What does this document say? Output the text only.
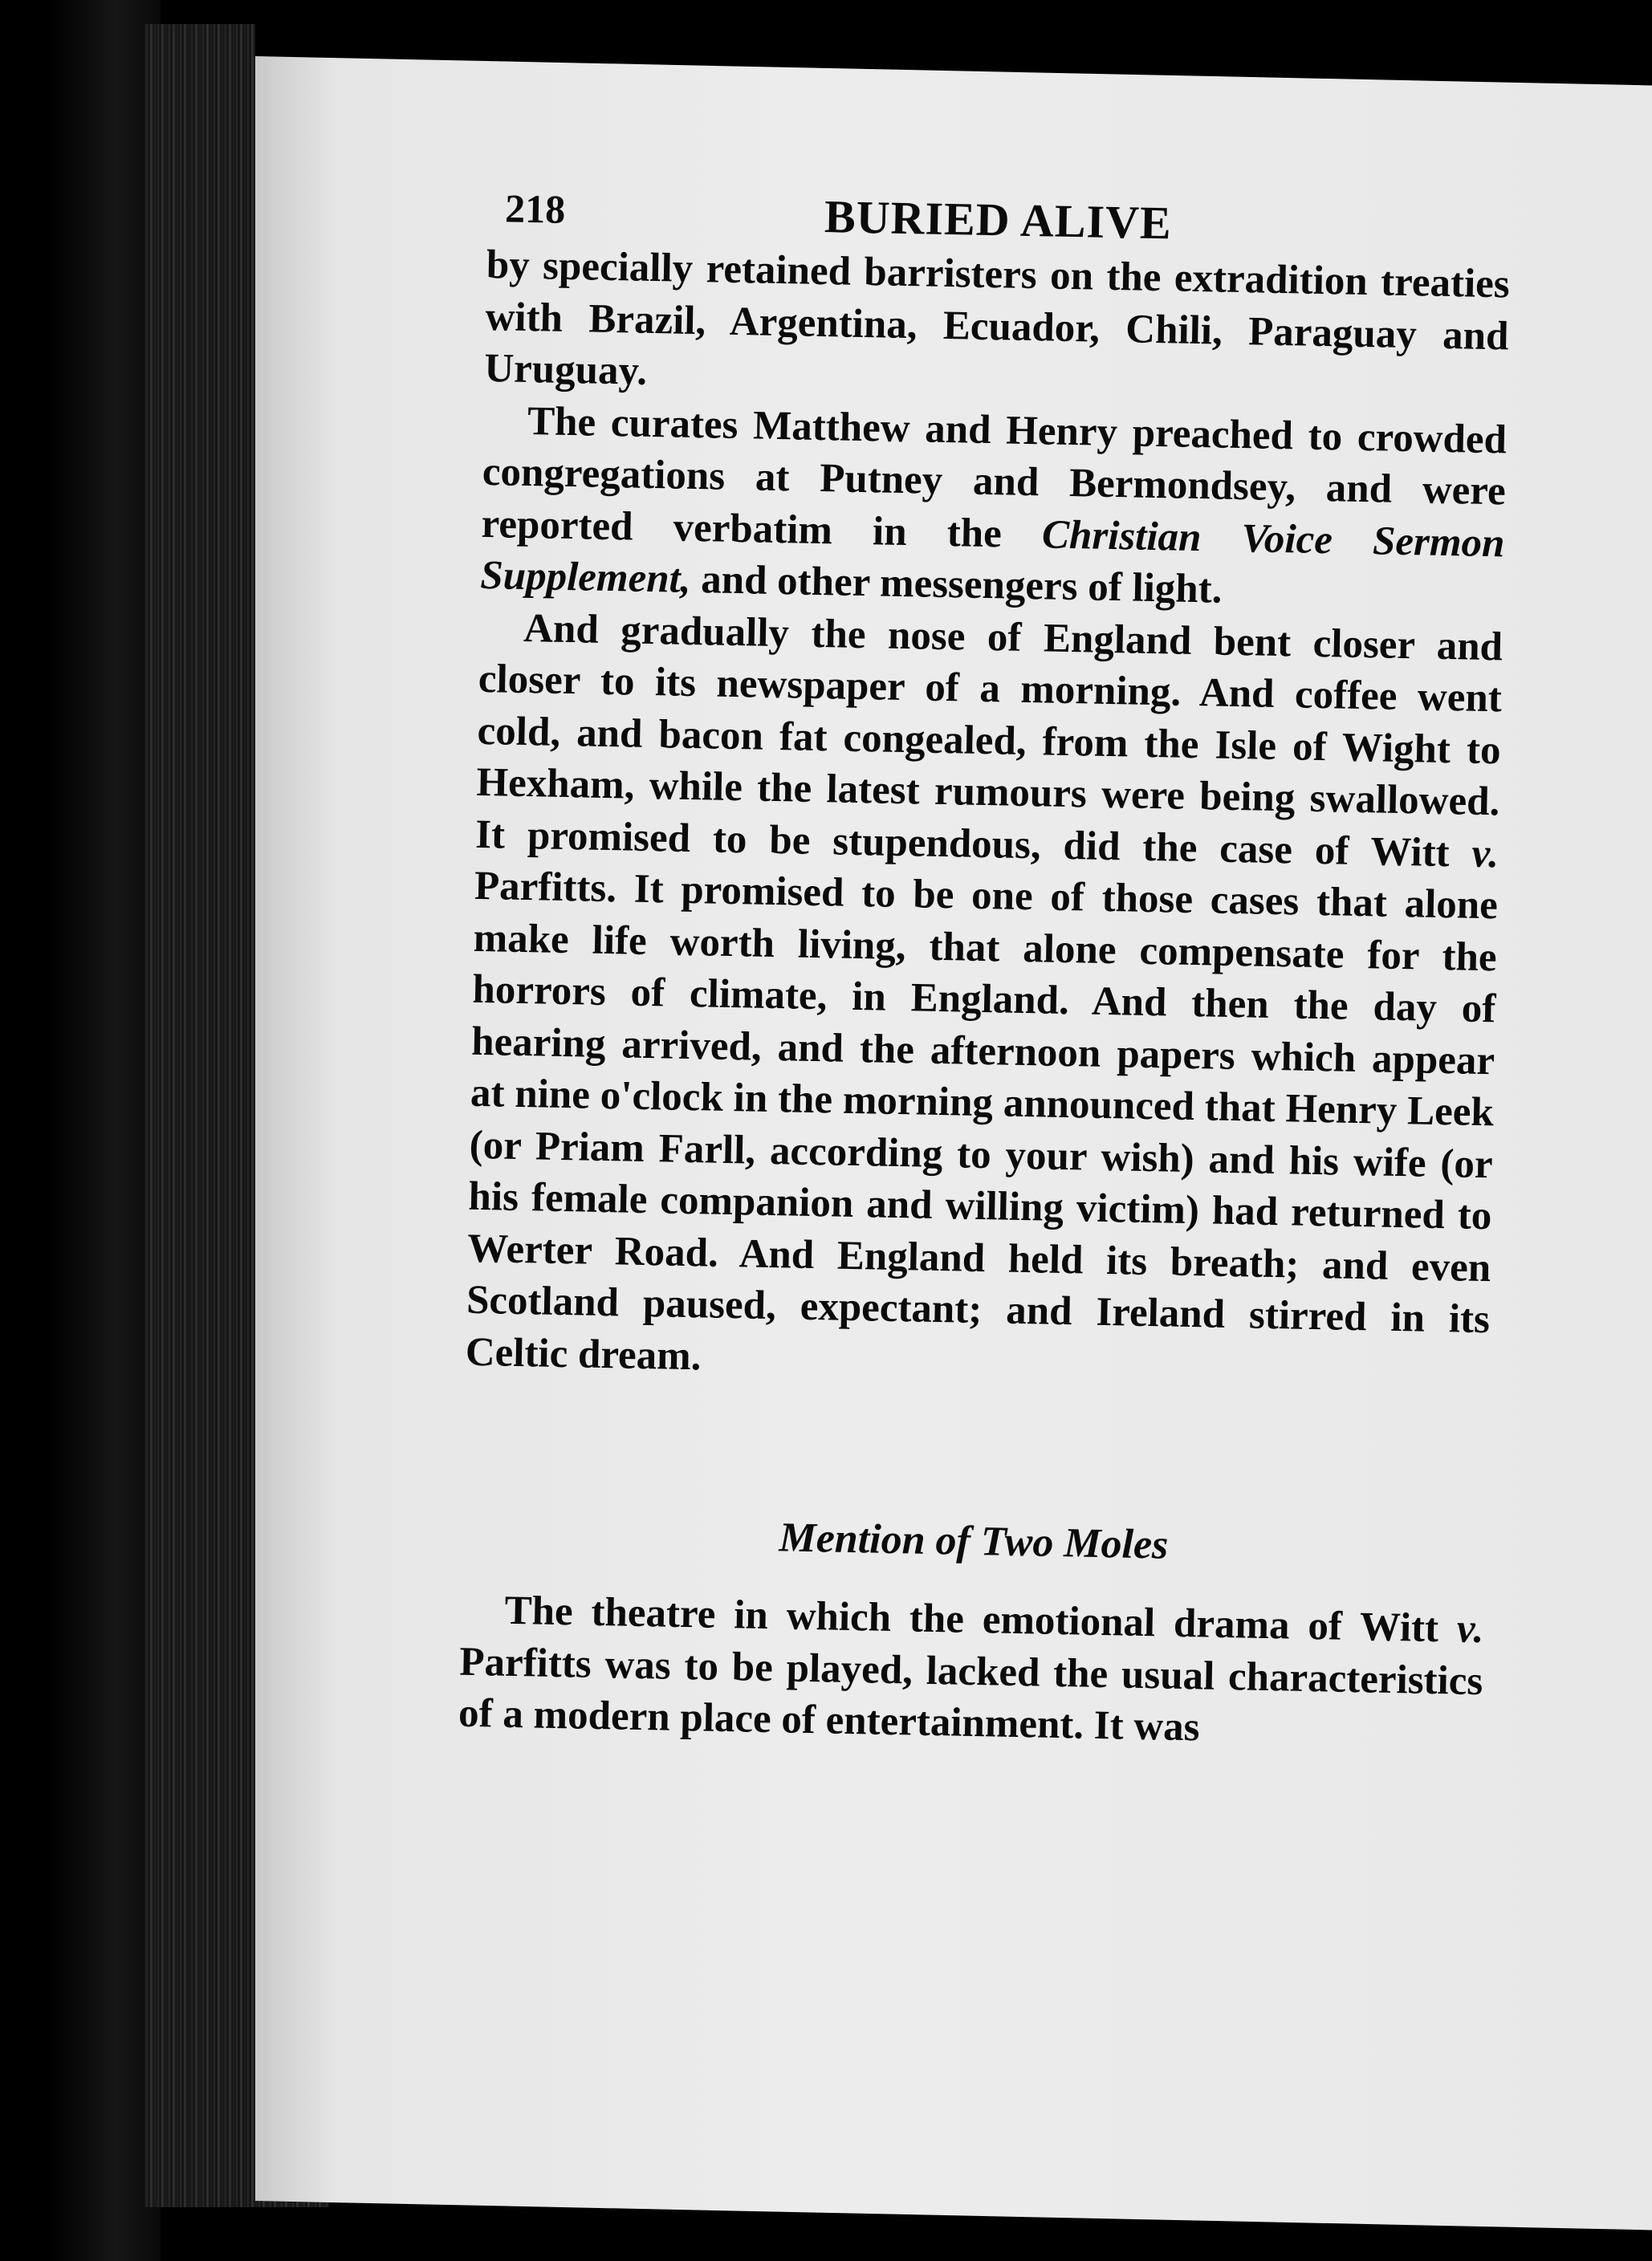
218	BURIED ALIVE

by specially retained barristers on the extradition treaties with Brazil, Argentina, Ecuador, Chili, Paraguay and Uruguay.

The curates Matthew and Henry preached to crowded congregations at Putney and Bermondsey, and were reported verbatim in the Christian Voice Sermon Supplement, and other messengers of light.

And gradually the nose of England bent closer and closer to its newspaper of a morning. And coffee went cold, and bacon fat congealed, from the Isle of Wight to Hexham, while the latest rumours were being swallowed. It promised to be stupendous, did the case of Witt v. Parfitts. It promised to be one of those cases that alone make life worth living, that alone compensate for the horrors of climate, in England. And then the day of hearing arrived, and the afternoon papers which appear at nine o'clock in the morning announced that Henry Leek (or Priam Farll, according to your wish) and his wife (or his female companion and willing victim) had returned to Werter Road. And England held its breath; and even Scotland paused, expectant; and Ireland stirred in its Celtic dream.

Mention of Two Moles

The theatre in which the emotional drama of Witt v. Parfitts was to be played, lacked the usual characteristics of a modern place of entertainment. It was
